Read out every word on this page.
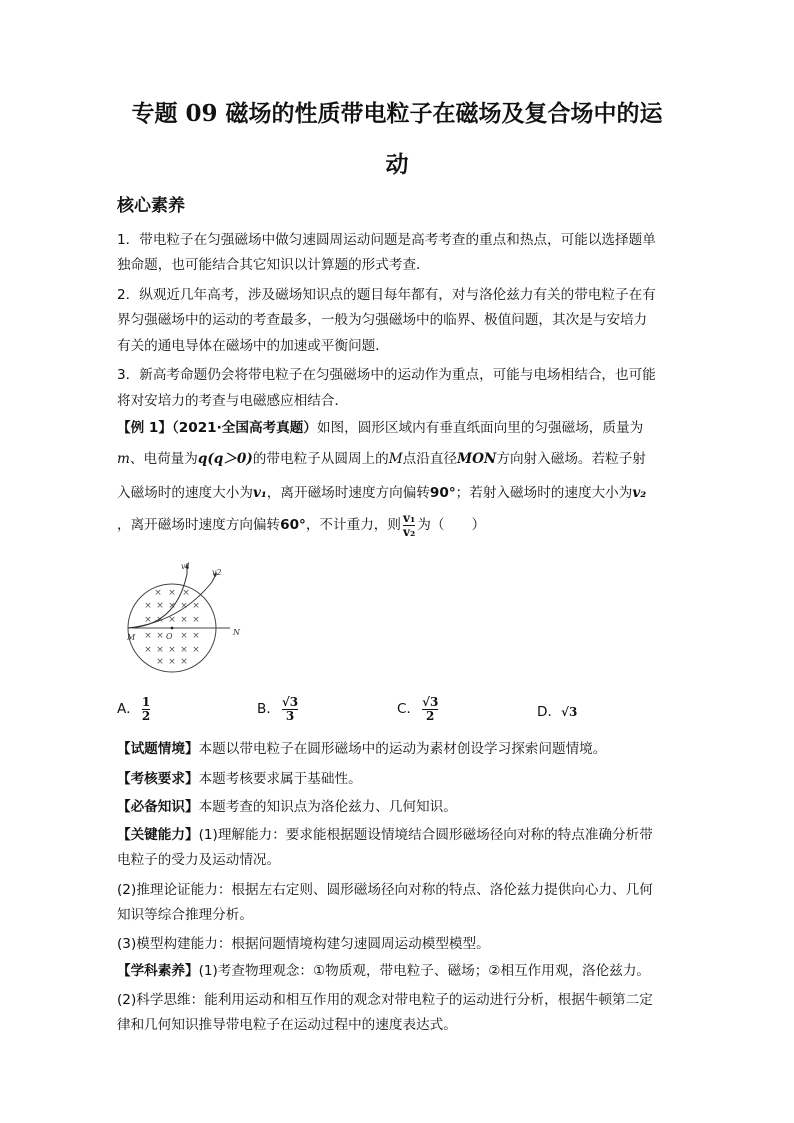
专题 09 磁场的性质带电粒子在磁场及复合场中的运
动
核心素养
1．带电粒子在匀强磁场中做匀速圆周运动问题是高考考查的重点和热点，可能以选择题单
独命题，也可能结合其它知识以计算题的形式考查．
2．纵观近几年高考，涉及磁场知识点的题目每年都有，对与洛伦兹力有关的带电粒子在有
界匀强磁场中的运动的考查最多，一般为匀强磁场中的临界、极值问题，其次是与安培力
有关的通电导体在磁场中的加速或平衡问题．
3．新高考命题仍会将带电粒子在匀强磁场中的运动作为重点，可能与电场相结合，也可能
将对安培力的考查与电磁感应相结合．
【例 1】（2021·全国高考真题）如图，圆形区域内有垂直纸面向里的匀强磁场，质量为
m、电荷量为q(q＞0)的带电粒子从圆周上的M点沿直径MON方向射入磁场。若粒子射
入磁场时的速度大小为v₁，离开磁场时速度方向偏转90°；若射入磁场时的速度大小为v₂
，离开磁场时速度方向偏转60°，不计重力，则 $\frac{\text{v₁}}{\text{v₂}}$ 为（　　）
× × ×
× × × × ×
× × × × ×
× × × ×
× × × × ×
× × ×
v1
v2
M	O	N
A． $\frac{1}{2}$	B． $\frac{√3}{3}$	C． $\frac{√3}{2}$	D．√3
【试题情境】本题以带电粒子在圆形磁场中的运动为素材创设学习探索问题情境。
【考核要求】本题考核要求属于基础性。
【必备知识】本题考查的知识点为洛伦兹力、几何知识。
【关键能力】(1)理解能力：要求能根据题设情境结合圆形磁场径向对称的特点准确分析带
电粒子的受力及运动情况。
(2)推理论证能力：根据左右定则、圆形磁场径向对称的特点、洛伦兹力提供向心力、几何
知识等综合推理分析。
(3)模型构建能力：根据问题情境构建匀速圆周运动模型模型。
【学科素养】(1)考查物理观念：①物质观，带电粒子、磁场；②相互作用观，洛伦兹力。
(2)科学思维：能利用运动和相互作用的观念对带电粒子的运动进行分析，根据牛顿第二定
律和几何知识推导带电粒子在运动过程中的速度表达式。
